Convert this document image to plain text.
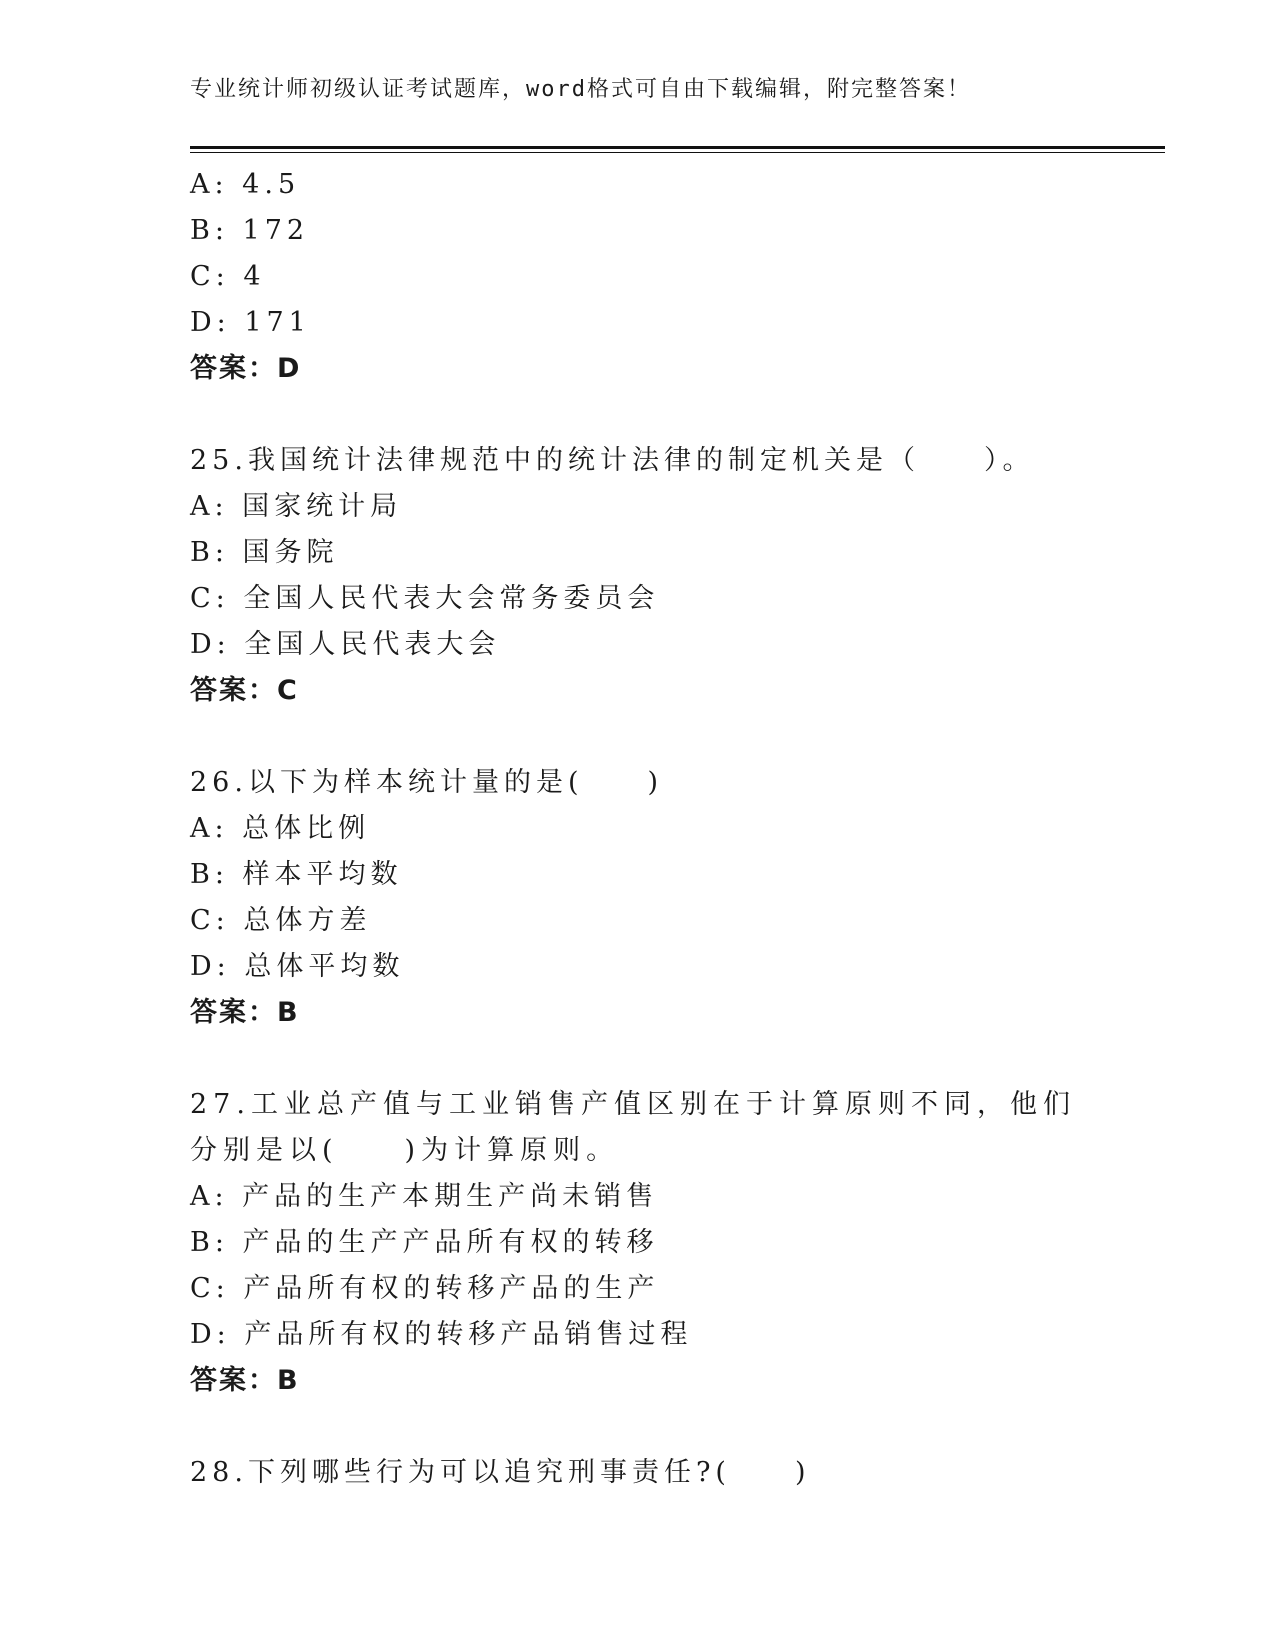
专业统计师初级认证考试题库，word格式可自由下载编辑，附完整答案！
A: 4.5
B: 172
C: 4
D: 171
答案：D
25.我国统计法律规范中的统计法律的制定机关是（　　）。
A: 国家统计局
B: 国务院
C: 全国人民代表大会常务委员会
D: 全国人民代表大会
答案：C
26.以下为样本统计量的是(　　)
A: 总体比例
B: 样本平均数
C: 总体方差
D: 总体平均数
答案：B
27.工业总产值与工业销售产值区别在于计算原则不同，他们分别是以(　　)为计算原则。
A: 产品的生产本期生产尚未销售
B: 产品的生产产品所有权的转移
C: 产品所有权的转移产品的生产
D: 产品所有权的转移产品销售过程
答案：B
28.下列哪些行为可以追究刑事责任?(　　)
